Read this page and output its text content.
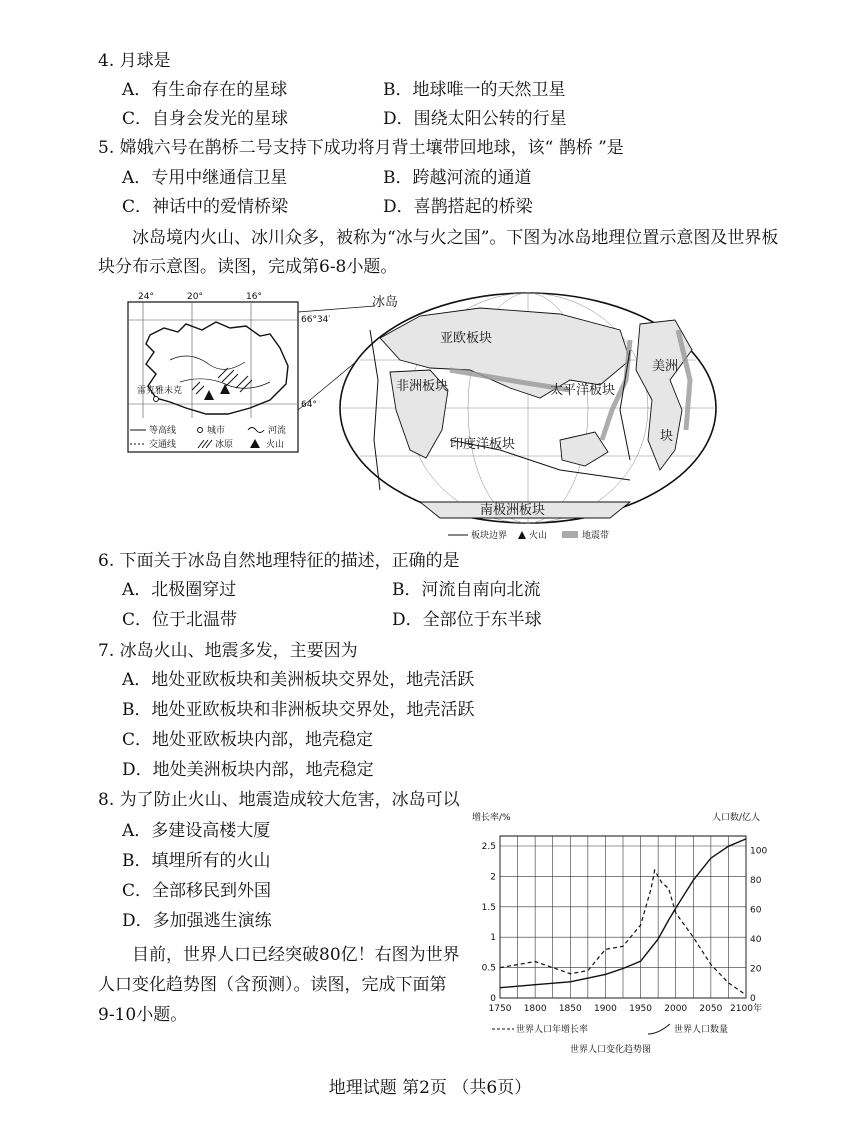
4. 月球是
A．有生命存在的星球	B．地球唯一的天然卫星
C．自身会发光的星球	D．围绕太阳公转的行星
5. 嫦娥六号在鹊桥二号支持下成功将月背土壤带回地球，该“ 鹊桥 ”是
A．专用中继通信卫星	B．跨越河流的通道
C．神话中的爱情桥梁	D．喜鹊搭起的桥梁
冰岛境内火山、冰川众多，被称为“冰与火之国”。下图为冰岛地理位置示意图及世界板块分布示意图。读图，完成第6-8小题。
24°	20°	16°
66°34′
64°
雷克雅未克
等高线	城市	河流
交通线	冰原	火山
冰岛
亚欧板块
非洲板块	太平洋板块
印度洋板块
南极洲板块
美洲
块
板块边界 火山	地震带
6. 下面关于冰岛自然地理特征的描述，正确的是
A．北极圈穿过	B．河流自南向北流
C．位于北温带	D．全部位于东半球
7. 冰岛火山、地震多发，主要因为
A．地处亚欧板块和美洲板块交界处，地壳活跃
B．地处亚欧板块和非洲板块交界处，地壳活跃
C．地处亚欧板块内部，地壳稳定
D．地处美洲板块内部，地壳稳定
8. 为了防止火山、地震造成较大危害，冰岛可以
A．多建设高楼大厦
B．填埋所有的火山
C．全部移民到外国
D．多加强逃生演练
目前，世界人口已经突破80亿！右图为世界人口变化趋势图（含预测）。读图，完成下面第9-10小题。
增长率/%	人口数/亿人
0
0.5
1
1.5
2
2.5
0
20
40
60
80
100
1750 1800 1850 1900 1950 2000 2050 2100年
世界人口年增长率	世界人口数量
世界人口变化趋势图
地理试题 第2页 （共6页）
